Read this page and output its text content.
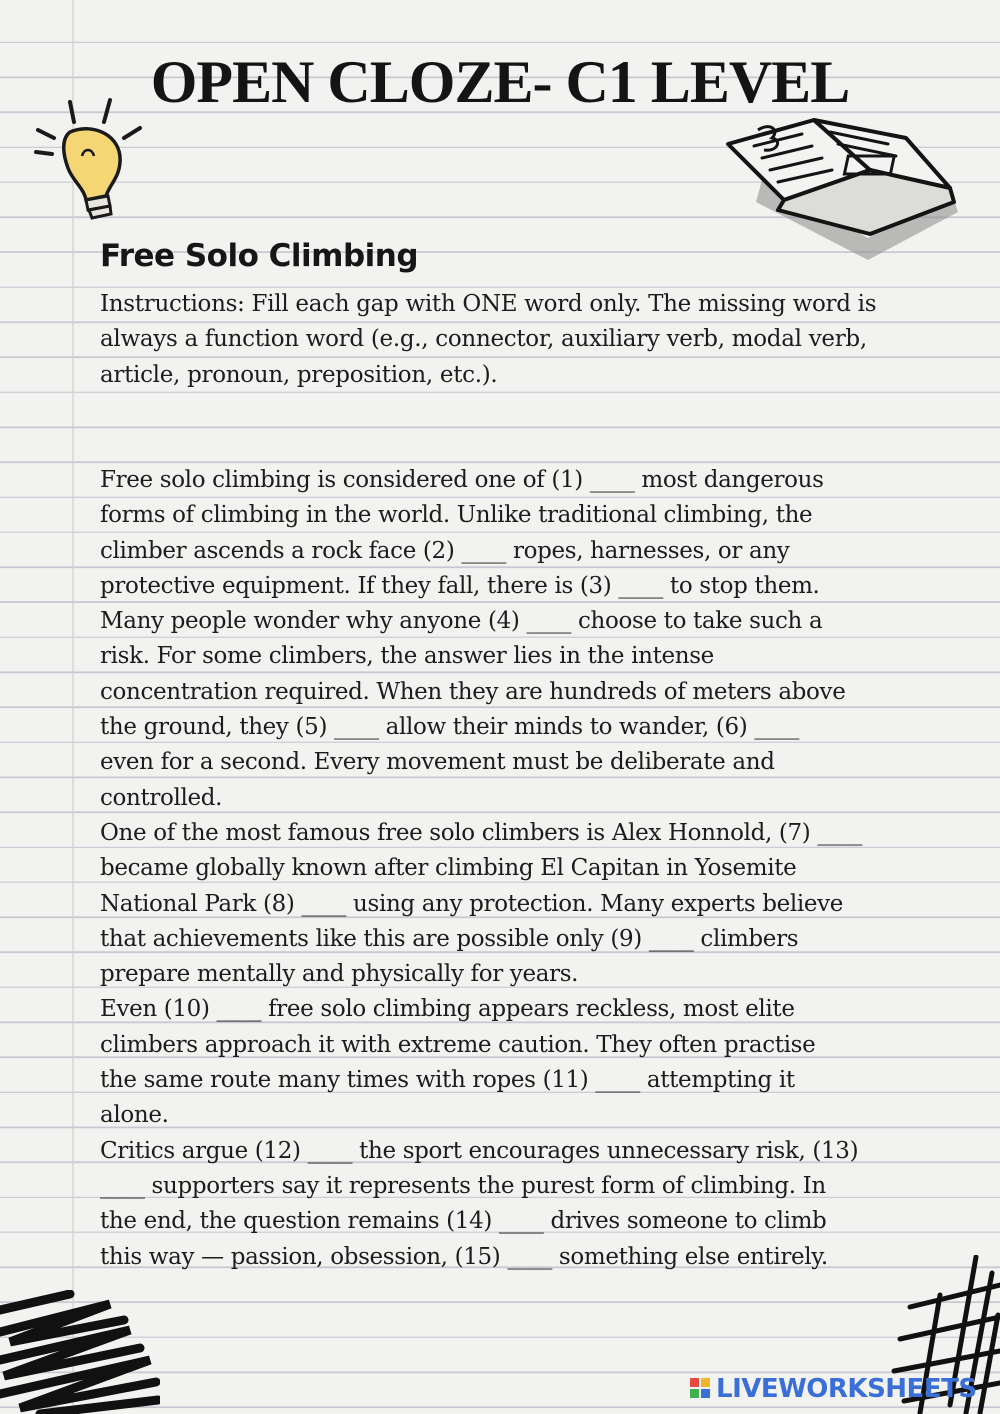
OPEN CLOZE- C1 LEVEL
Free Solo Climbing
Instructions: Fill each gap with ONE word only. The missing word is always a function word (e.g., connector, auxiliary verb, modal verb, article, pronoun, preposition, etc.).

Free solo climbing is considered one of (1) ____ most dangerous

forms of climbing in the world. Unlike traditional climbing, the

climber ascends a rock face (2) ____ ropes, harnesses, or any

protective equipment. If they fall, there is (3) ____ to stop them.

Many people wonder why anyone (4) ____ choose to take such a

risk. For some climbers, the answer lies in the intense

concentration required. When they are hundreds of meters above

the ground, they (5) ____ allow their minds to wander, (6) ____

even for a second. Every movement must be deliberate and

controlled.

One of the most famous free solo climbers is Alex Honnold, (7) ____

became globally known after climbing El Capitan in Yosemite

National Park (8) ____ using any protection. Many experts believe

that achievements like this are possible only (9) ____ climbers

prepare mentally and physically for years.

Even (10) ____ free solo climbing appears reckless, most elite

climbers approach it with extreme caution. They often practise

the same route many times with ropes (11) ____ attempting it

alone.

Critics argue (12) ____ the sport encourages unnecessary risk, (13)

____ supporters say it represents the purest form of climbing. In

the end, the question remains (14) ____ drives someone to climb

this way — passion, obsession, (15) ____ something else entirely.

LIVEWORKSHEETS
